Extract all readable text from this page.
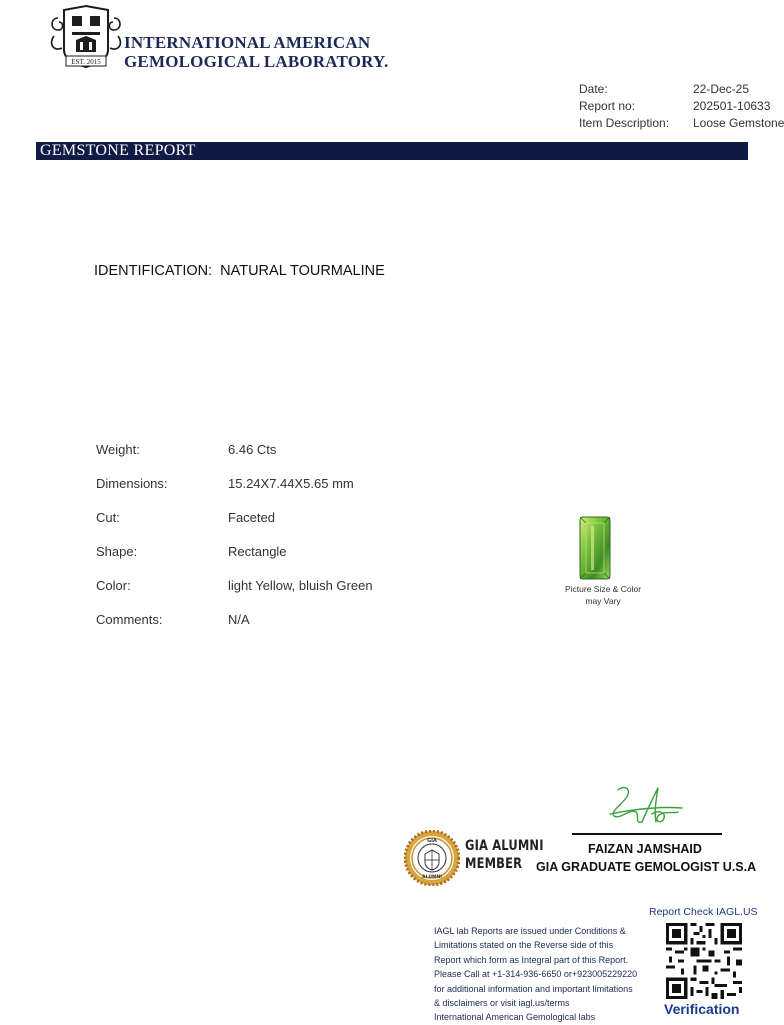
EST. 2015
INTERNATIONAL AMERICAN
GEMOLOGICAL LABORATORY.
Date:	22-Dec-25
Report no:	202501-10633
Item Description: Loose Gemstone
GEMSTONE REPORT
IDENTIFICATION: NATURAL TOURMALINE
Weight:	6.46 Cts
Dimensions:	15.24X7.44X5.65 mm
Cut:	Faceted
Shape:	Rectangle
Color:	light Yellow, bluish Green
Comments:	N/A
Picture Size & Color
may Vary
FAIZAN JAMSHAID
GIA GRADUATE GEMOLOGIST U.S.A
GIA
ALUMNI
GIA ALUMNI
MEMBER
IAGL lab Reports are issued under Conditions &
Limitations stated on the Reverse side of this
Report which form as Integral part of this Report.
Please Call at +1-314-936-6650 or+923005229220
for additional information and important limitations
& disclaimers or visit iagl.us/terms
International American Gemological labs
Report Check IAGL.US
Verification
